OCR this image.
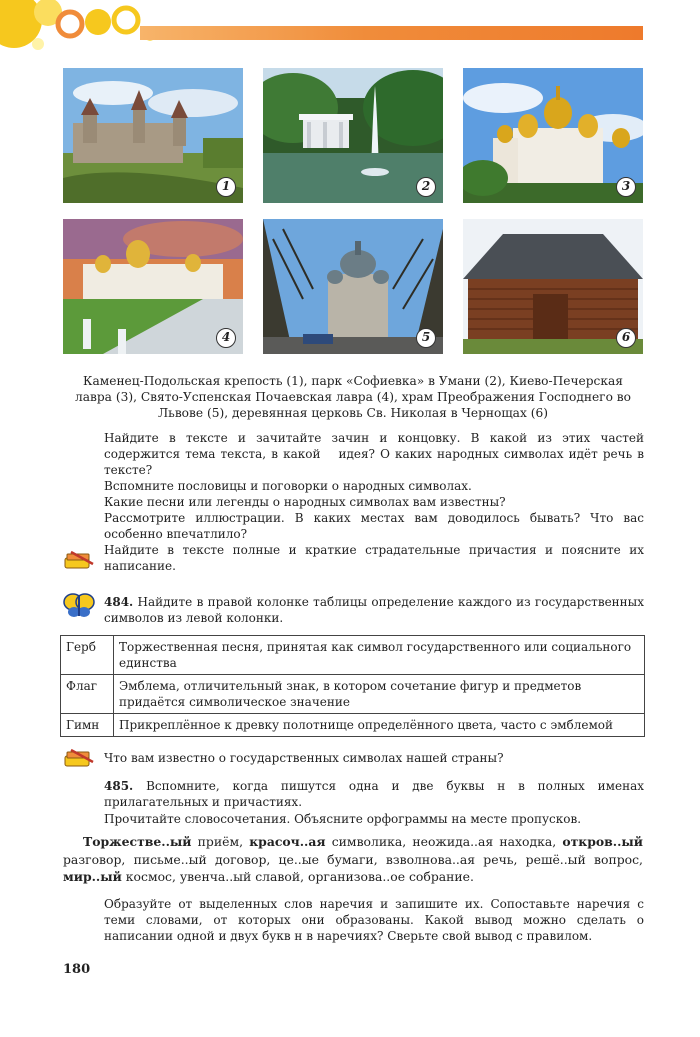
1	2	3
4	5	6
Каменец-Подольская крепость (1), парк «Софиевка» в Умани (2), Киево-Печерская лавра (3), Свято-Успенская Почаевская лавра (4), храм Преображения Господнего во Львове (5), деревянная церковь Св. Николая в Чернощах (6)

Найдите в тексте и зачитайте зачин и концовку. В какой из этих частей содержится тема текста, в какой идея? О каких народных символах идёт речь в тексте?

Вспомните пословицы и поговорки о народных символах.

Какие песни или легенды о народных символах вам известны?

Рассмотрите иллюстрации. В каких местах вам доводилось бывать? Что вас особенно впечатлило?

Найдите в тексте полные и краткие страдательные причастия и поясните их написание.

484. Найдите в правой колонке таблицы определение каждого из государственных символов из левой колонки.
Герб	Торжественная песня, принятая как символ государственного или социального единства
Флаг	Эмблема, отличительный знак, в котором сочетание фигур и предметов придаётся символическое значение
Гимн	Прикреплённое к древку полотнище определённого цвета, часто с эмблемой
Что вам известно о государственных символах нашей страны?
485. Вспомните, когда пишутся одна и две буквы н в полных именах прилагательных и причастиях.
Прочитайте словосочетания. Объясните орфограммы на месте пропусков.
Торжестве..ый приём, красоч..ая символика, неожида..ая находка, откров..ый разговор, письме..ый договор, це..ые бумаги, взволнова..ая речь, решё..ый вопрос, мир..ый космос, увенча..ый славой, организова..ое собрание.
Образуйте от выделенных слов наречия и запишите их. Сопоставьте наречия с теми словами, от которых они образованы. Какой вывод можно сделать о написании одной и двух букв н в наречиях? Сверьте свой вывод с правилом.
180
